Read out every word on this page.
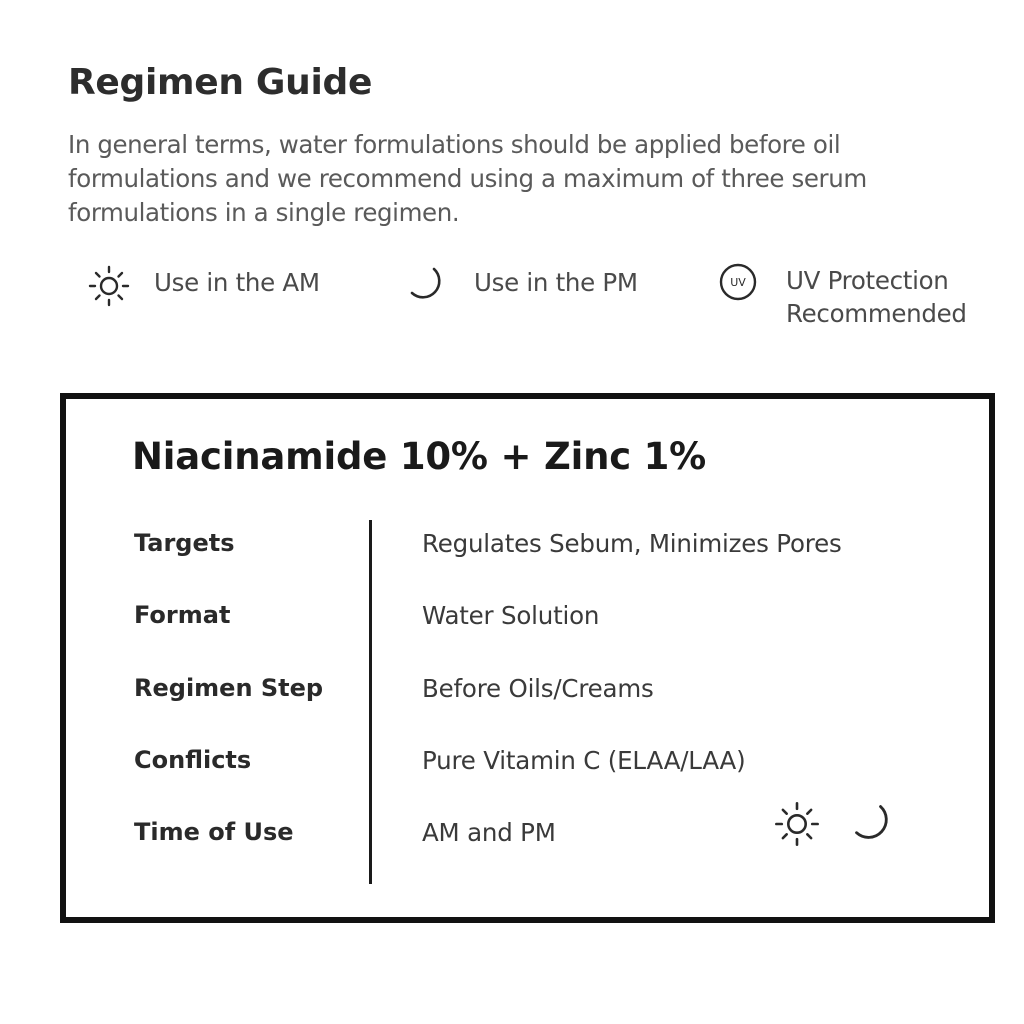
Regimen Guide

In general terms, water formulations should be applied before oil formulations and we recommend using a maximum of three serum formulations in a single regimen.

Use in the AM	Use in the PM	UV UV Protection
Recommended
Niacinamide 10% + Zinc 1%
Targets	Regulates Sebum, Minimizes Pores
Format	Water Solution
Regimen Step	Before Oils/Creams
Conflicts	Pure Vitamin C (ELAA/LAA)
Time of Use	AM and PM
